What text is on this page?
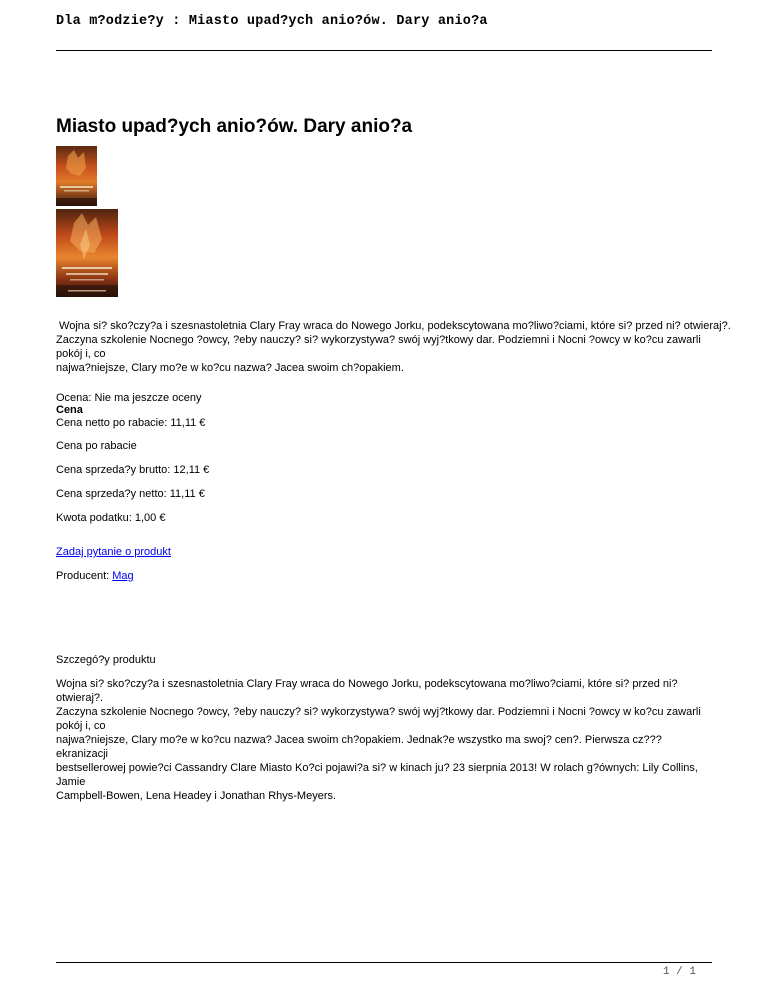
Dla m?odzie?y : Miasto upad?ych anio?ów. Dary anio?a
Miasto upad?ych anio?ów. Dary anio?a
Wojna si? sko?czy?a i szesnastoletnia Clary Fray wraca do Nowego Jorku, podekscytowana mo?liwo?ciami, które si? przed ni? otwieraj?.
Zaczyna szkolenie Nocnego ?owcy, ?eby nauczy? si? wykorzystywa? swój wyj?tkowy dar. Podziemni i Nocni ?owcy w ko?cu zawarli pokój i, co
najwa?niejsze, Clary mo?e w ko?cu nazwa? Jacea swoim ch?opakiem.
Ocena: Nie ma jeszcze oceny
Cena
Cena netto po rabacie: 11,11 €
Cena po rabacie
Cena sprzeda?y brutto: 12,11 €
Cena sprzeda?y netto: 11,11 €
Kwota podatku: 1,00 €
Zadaj pytanie o produkt
Producent: Mag
Szczegó?y produktu
Wojna si? sko?czy?a i szesnastoletnia Clary Fray wraca do Nowego Jorku, podekscytowana mo?liwo?ciami, które si? przed ni? otwieraj?.
Zaczyna szkolenie Nocnego ?owcy, ?eby nauczy? si? wykorzystywa? swój wyj?tkowy dar. Podziemni i Nocni ?owcy w ko?cu zawarli pokój i, co
najwa?niejsze, Clary mo?e w ko?cu nazwa? Jacea swoim ch?opakiem. Jednak?e wszystko ma swoj? cen?. Pierwsza cz??? ekranizacji
bestsellerowej powie?ci Cassandry Clare Miasto Ko?ci pojawi?a si? w kinach ju? 23 sierpnia 2013! W rolach g?ównych: Lily Collins, Jamie
Campbell-Bowen, Lena Headey i Jonathan Rhys-Meyers.
1 / 1
